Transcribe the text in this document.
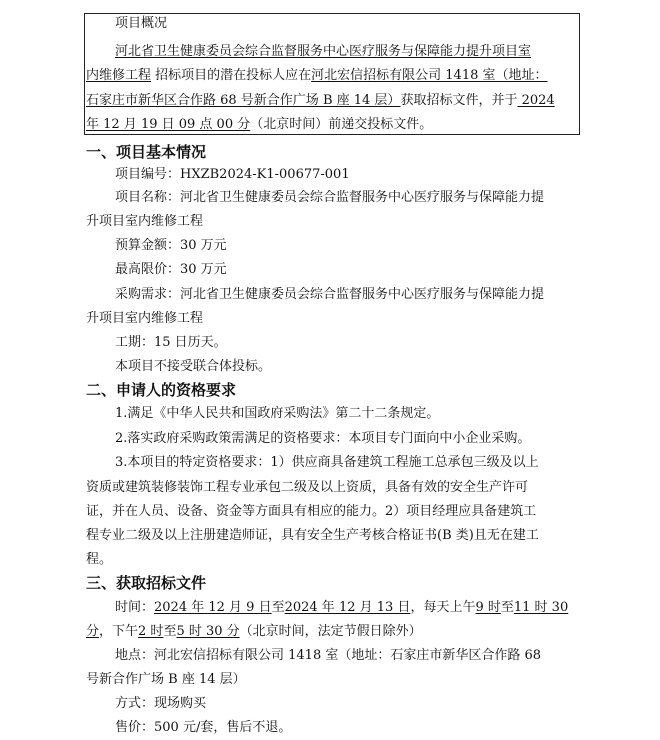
项目概况
河北省卫生健康委员会综合监督服务中心医疗服务与保障能力提升项目室
内维修工程 招标项目的潜在投标人应在河北宏信招标有限公司 1418 室（地址：
石家庄市新华区合作路 68 号新合作广场 B 座 14 层）获取招标文件，并于 2024
年 12 月 19 日 09 点 00 分（北京时间）前递交投标文件。
一、项目基本情况
项目编号：HXZB2024-K1-00677-001
项目名称：河北省卫生健康委员会综合监督服务中心医疗服务与保障能力提
升项目室内维修工程
预算金额：30 万元
最高限价：30 万元
采购需求：河北省卫生健康委员会综合监督服务中心医疗服务与保障能力提
升项目室内维修工程
工期：15 日历天。
本项目不接受联合体投标。
二、申请人的资格要求
1.满足《中华人民共和国政府采购法》第二十二条规定。
2.落实政府采购政策需满足的资格要求：本项目专门面向中小企业采购。
3.本项目的特定资格要求：1）供应商具备建筑工程施工总承包三级及以上
资质或建筑装修装饰工程专业承包二级及以上资质，具备有效的安全生产许可
证，并在人员、设备、资金等方面具有相应的能力。2）项目经理应具备建筑工
程专业二级及以上注册建造师证，具有安全生产考核合格证书(B 类)且无在建工
程。
三、获取招标文件
时间：2024 年 12 月 9 日至2024 年 12 月 13 日，每天上午9 时至11 时 30
分，下午2 时至5 时 30 分（北京时间，法定节假日除外）
地点：河北宏信招标有限公司 1418 室（地址：石家庄市新华区合作路 68
号新合作广场 B 座 14 层）
方式：现场购买
售价：500 元/套，售后不退。
